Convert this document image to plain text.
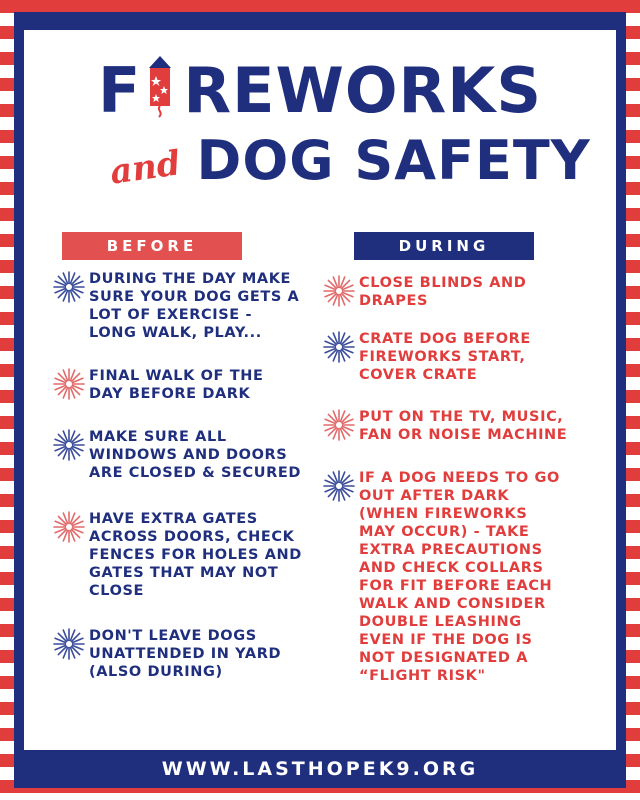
F REWORKS
and DOG SAFETY
BEFORE	DURING
DURING THE DAY MAKE
SURE YOUR DOG GETS A
LOT OF EXERCISE -
LONG WALK, PLAY...
FINAL WALK OF THE
DAY BEFORE DARK
MAKE SURE ALL
WINDOWS AND DOORS
ARE CLOSED & SECURED
HAVE EXTRA GATES
ACROSS DOORS, CHECK
FENCES FOR HOLES AND
GATES THAT MAY NOT
CLOSE
DON'T LEAVE DOGS
UNATTENDED IN YARD
(ALSO DURING)
CLOSE BLINDS AND
DRAPES
CRATE DOG BEFORE
FIREWORKS START,
COVER CRATE
PUT ON THE TV, MUSIC,
FAN OR NOISE MACHINE
IF A DOG NEEDS TO GO
OUT AFTER DARK
(WHEN FIREWORKS
MAY OCCUR) - TAKE
EXTRA PRECAUTIONS
AND CHECK COLLARS
FOR FIT BEFORE EACH
WALK AND CONSIDER
DOUBLE LEASHING
EVEN IF THE DOG IS
NOT DESIGNATED A
“FLIGHT RISK"
WWW.LASTHOPEK9.ORG
